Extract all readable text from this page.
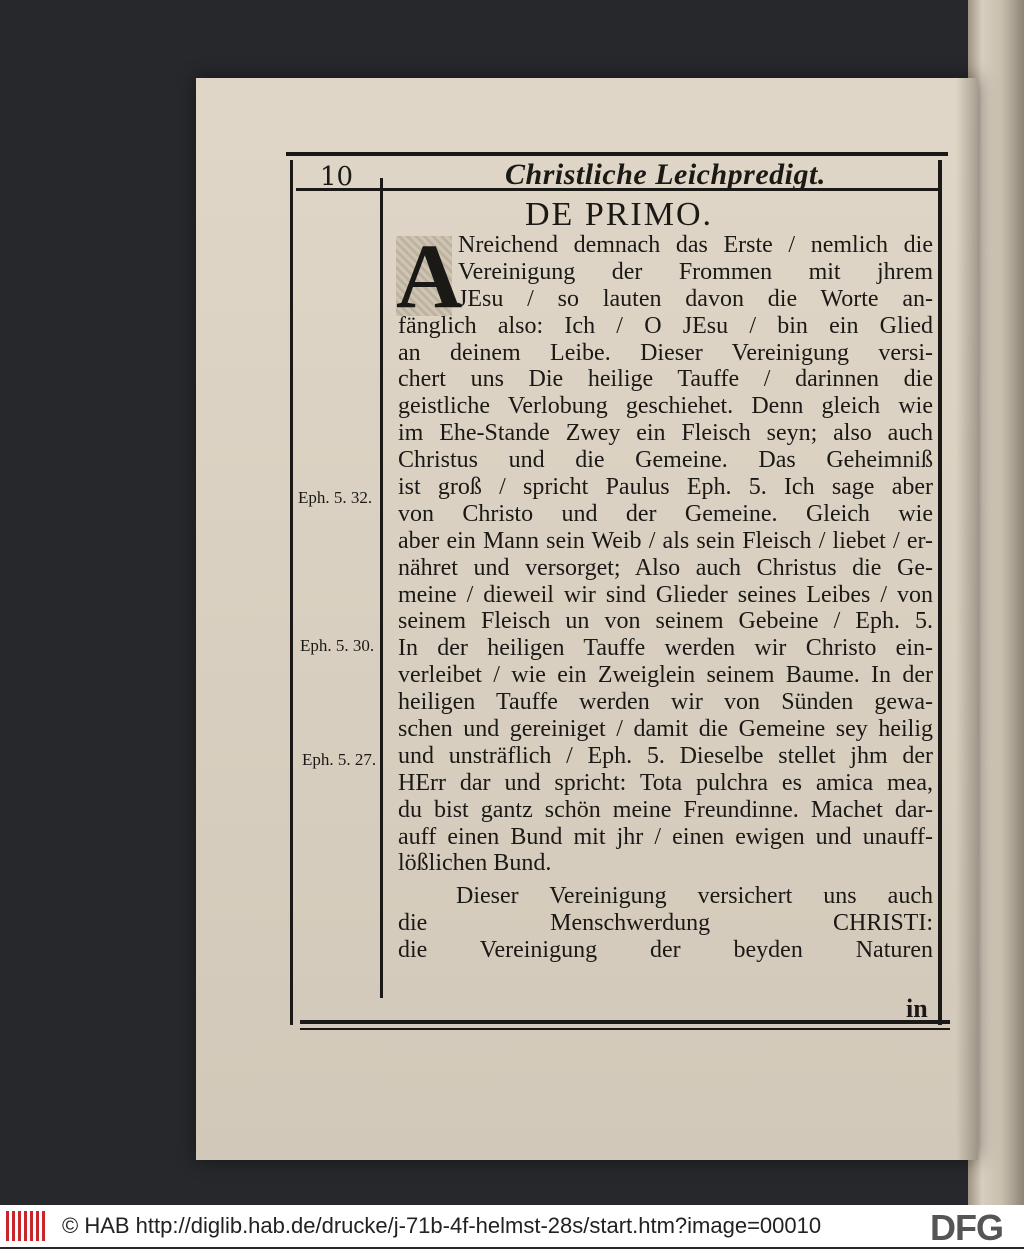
10	Christliche Leichpredigt.
DE PRIMO.
A
Nreichend demnach das Erste / nemlich die
Vereinigung der Frommen mit jhrem
JEsu / so lauten davon die Worte an-
fänglich also: Ich / O JEsu / bin ein Glied
an deinem Leibe. Dieser Vereinigung versi-
chert uns Die heilige Tauffe / darinnen die
geistliche Verlobung geschiehet. Denn gleich wie
im Ehe-Stande Zwey ein Fleisch seyn; also auch
Christus und die Gemeine. Das Geheimniß
ist groß / spricht Paulus Eph. 5. Ich sage aber
von Christo und der Gemeine. Gleich wie
aber ein Mann sein Weib / als sein Fleisch / liebet / er-
nähret und versorget; Also auch Christus die Ge-
meine / dieweil wir sind Glieder seines Leibes / von
seinem Fleisch un von seinem Gebeine / Eph. 5.
In der heiligen Tauffe werden wir Christo ein-
verleibet / wie ein Zweiglein seinem Baume. In der
heiligen Tauffe werden wir von Sünden gewa-
schen und gereiniget / damit die Gemeine sey heilig
und unsträflich / Eph. 5. Dieselbe stellet jhm der
HErr dar und spricht: Tota pulchra es amica mea,
du bist gantz schön meine Freundinne. Machet dar-
auff einen Bund mit jhr / einen ewigen und unauff-
lößlichen Bund.
Dieser Vereinigung versichert uns auch
die Menschwerdung CHRISTI:
die Vereinigung der beyden Naturen
Eph. 5. 32.
Eph. 5. 30.
Eph. 5. 27.
in
© HAB http://diglib.hab.de/drucke/j-71b-4f-helmst-28s/start.htm?image=00010	DFG
